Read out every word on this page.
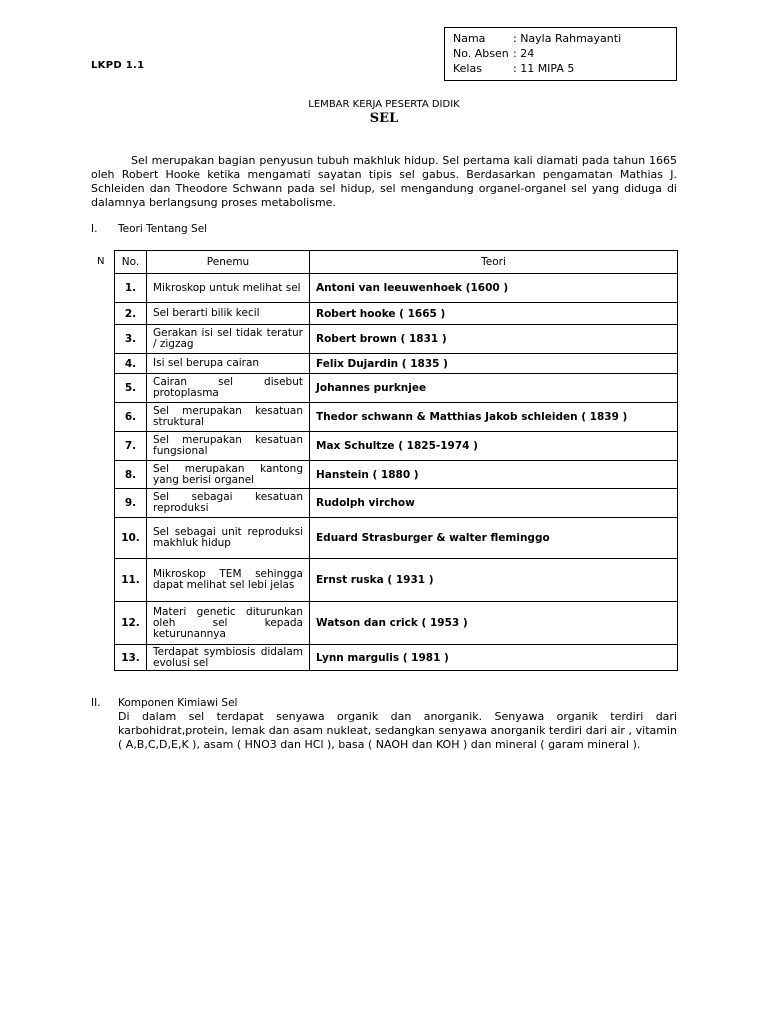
Nama	: Nayla Rahmayanti
No. Absen : 24
Kelas	: 11 MIPA 5
LKPD 1.1
LEMBAR KERJA PESERTA DIDIK
SEL

Sel merupakan bagian penyusun tubuh makhluk hidup. Sel pertama kali diamati pada tahun 1665 oleh Robert Hooke ketika mengamati sayatan tipis sel gabus. Berdasarkan pengamatan Mathias J. Schleiden dan Theodore Schwann pada sel hidup, sel mengandung organel-organel sel yang diduga di dalamnya berlangsung proses metabolisme.

I. Teori Tentang Sel
N No.	Penemu	Teori
1.	Mikroskop untuk melihat sel	Antoni van leeuwenhoek (1600 )
2.	Sel berarti bilik kecil	Robert hooke ( 1665 )
3.	Gerakan isi sel tidak teratur / zigzag	Robert brown ( 1831 )
4.	Isi sel berupa cairan	Felix Dujardin ( 1835 )
5.	Cairan sel disebut protoplasma	Johannes purknjee
6.	Sel merupakan kesatuan struktural	Thedor schwann & Matthias Jakob schleiden ( 1839 )
7.	Sel merupakan kesatuan fungsional	Max Schultze ( 1825-1974 )
8.	Sel merupakan kantong yang berisi organel	Hanstein ( 1880 )
9.	Sel sebagai kesatuan reproduksi	Rudolph virchow
10.	Sel sebagai unit reproduksi makhluk hidup	Eduard Strasburger & walter fleminggo
11.	Mikroskop TEM sehingga dapat melihat sel lebi jelas	Ernst ruska ( 1931 )
12.	Materi genetic diturunkan oleh sel kepada keturunannya	Watson dan crick ( 1953 )
13.	Terdapat symbiosis didalam evolusi sel	Lynn margulis ( 1981 )
II. Komponen Kimiawi Sel
Di dalam sel terdapat senyawa organik dan anorganik. Senyawa organik terdiri dari karbohidrat,protein, lemak dan asam nukleat, sedangkan senyawa anorganik terdiri dari air , vitamin ( A,B,C,D,E,K ), asam ( HNO3 dan HCl ), basa ( NAOH dan KOH ) dan mineral ( garam mineral ).
